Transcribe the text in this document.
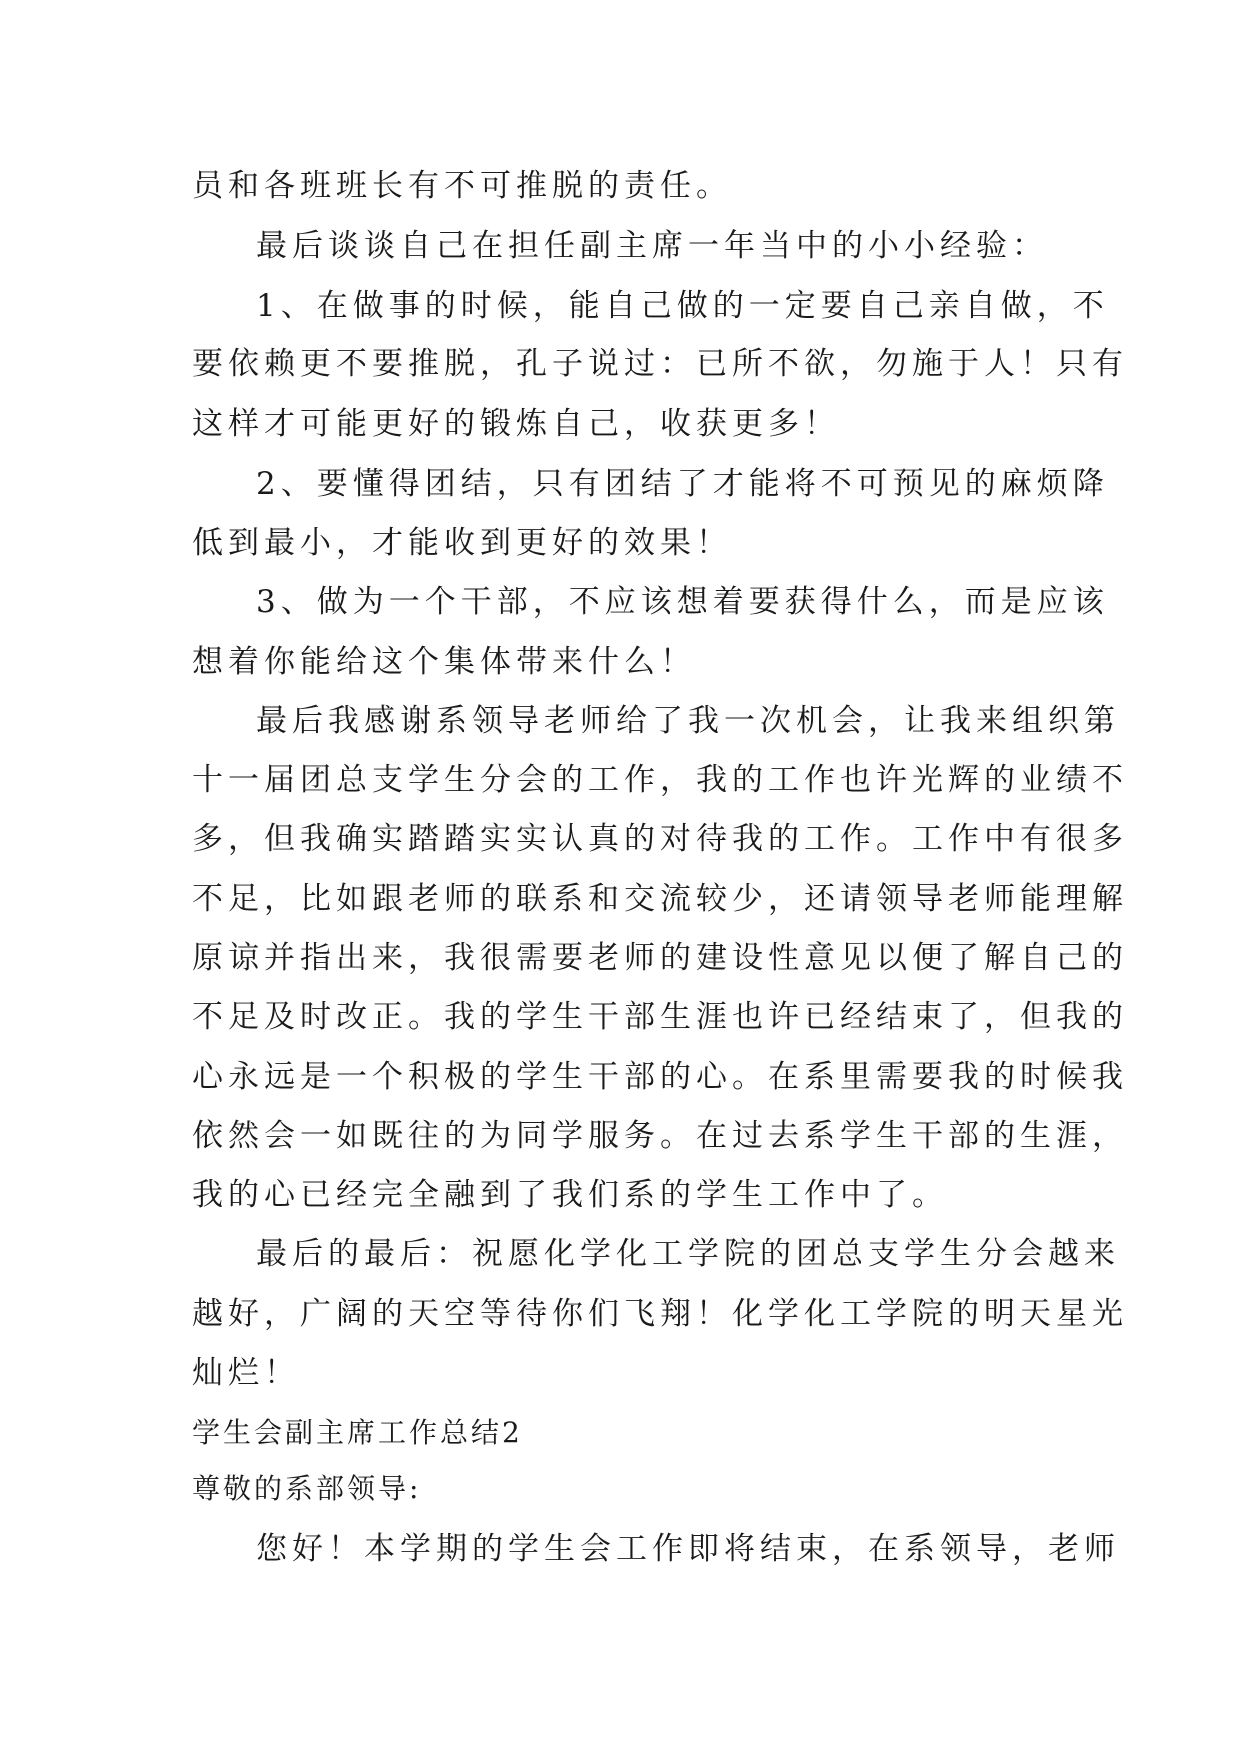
员和各班班长有不可推脱的责任。
最后谈谈自己在担任副主席一年当中的小小经验：
1、在做事的时候，能自己做的一定要自己亲自做，不
要依赖更不要推脱，孔子说过：已所不欲，勿施于人！只有
这样才可能更好的锻炼自己，收获更多！
2、要懂得团结，只有团结了才能将不可预见的麻烦降
低到最小，才能收到更好的效果！
3、做为一个干部，不应该想着要获得什么，而是应该
想着你能给这个集体带来什么！
最后我感谢系领导老师给了我一次机会，让我来组织第
十一届团总支学生分会的工作，我的工作也许光辉的业绩不
多，但我确实踏踏实实认真的对待我的工作。工作中有很多
不足，比如跟老师的联系和交流较少，还请领导老师能理解
原谅并指出来，我很需要老师的建设性意见以便了解自己的
不足及时改正。我的学生干部生涯也许已经结束了，但我的
心永远是一个积极的学生干部的心。在系里需要我的时候我
依然会一如既往的为同学服务。在过去系学生干部的生涯，
我的心已经完全融到了我们系的学生工作中了。
最后的最后：祝愿化学化工学院的团总支学生分会越来
越好，广阔的天空等待你们飞翔！化学化工学院的明天星光
灿烂！
学生会副主席工作总结2
尊敬的系部领导:
您好！本学期的学生会工作即将结束，在系领导，老师
